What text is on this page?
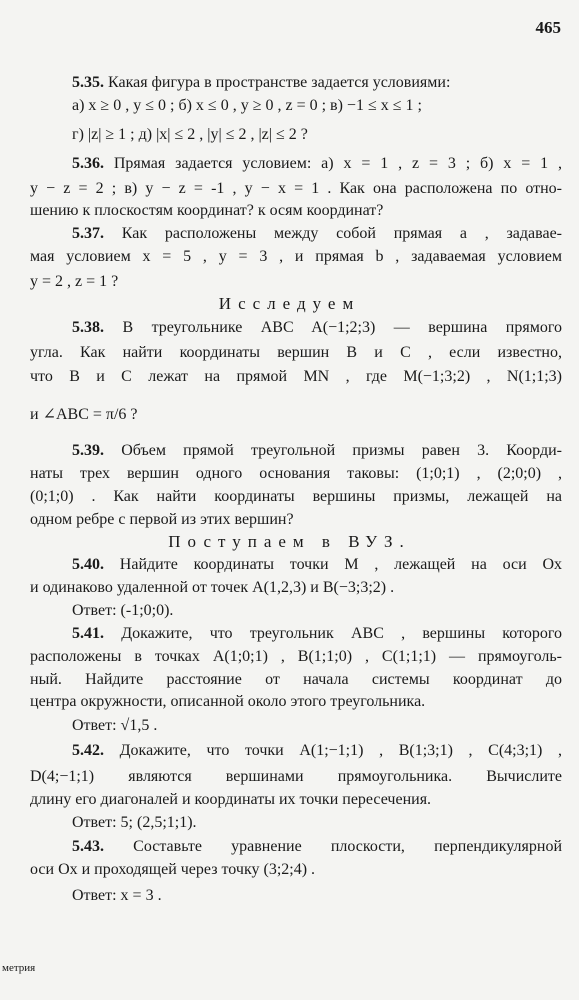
465
5.35. Какая фигура в пространстве задается условиями:
а) x ≥ 0 , y ≤ 0 ; б) x ≤ 0 , y ≥ 0 , z = 0 ; в) −1 ≤ x ≤ 1 ;
г) |z| ≥ 1 ; д) |x| ≤ 2 , |y| ≤ 2 , |z| ≤ 2 ?
5.36. Прямая задается условием: а) x = 1 , z = 3 ; б) x = 1 ,
y − z = 2 ; в) y − z = -1 , y − x = 1 . Как она расположена по отно-
шению к плоскостям координат? к осям координат?
5.37. Как расположены между собой прямая a , задавае-
мая условием x = 5 , y = 3 , и прямая b , задаваемая условием
y = 2 , z = 1 ?
Исследуем
5.38. В треугольнике ABC A(−1;2;3) — вершина прямого
угла. Как найти координаты вершин B и C , если известно,
что B и C лежат на прямой MN , где M(−1;3;2) , N(1;1;3)
и ∠ABC = π/6 ?
5.39. Объем прямой треугольной призмы равен 3. Коорди-
наты трех вершин одного основания таковы: (1;0;1) , (2;0;0) ,
(0;1;0) . Как найти координаты вершины призмы, лежащей на
одном ребре с первой из этих вершин?
Поступаем в ВУЗ.
5.40. Найдите координаты точки M , лежащей на оси Ox
и одинаково удаленной от точек A(1,2,3) и B(−3;3;2) .
Ответ: (-1;0;0).
5.41. Докажите, что треугольник ABC , вершины которого
расположены в точках A(1;0;1) , B(1;1;0) , C(1;1;1) — прямоуголь-
ный. Найдите расстояние от начала системы координат до
центра окружности, описанной около этого треугольника.
Ответ: √1,5 .
5.42. Докажите, что точки A(1;−1;1) , B(1;3;1) , C(4;3;1) ,
D(4;−1;1) являются вершинами прямоугольника. Вычислите
длину его диагоналей и координаты их точки пересечения.
Ответ: 5; (2,5;1;1).
5.43. Составьте уравнение плоскости, перпендикулярной
оси Ox и проходящей через точку (3;2;4) .
Ответ: x = 3 .
метрия
